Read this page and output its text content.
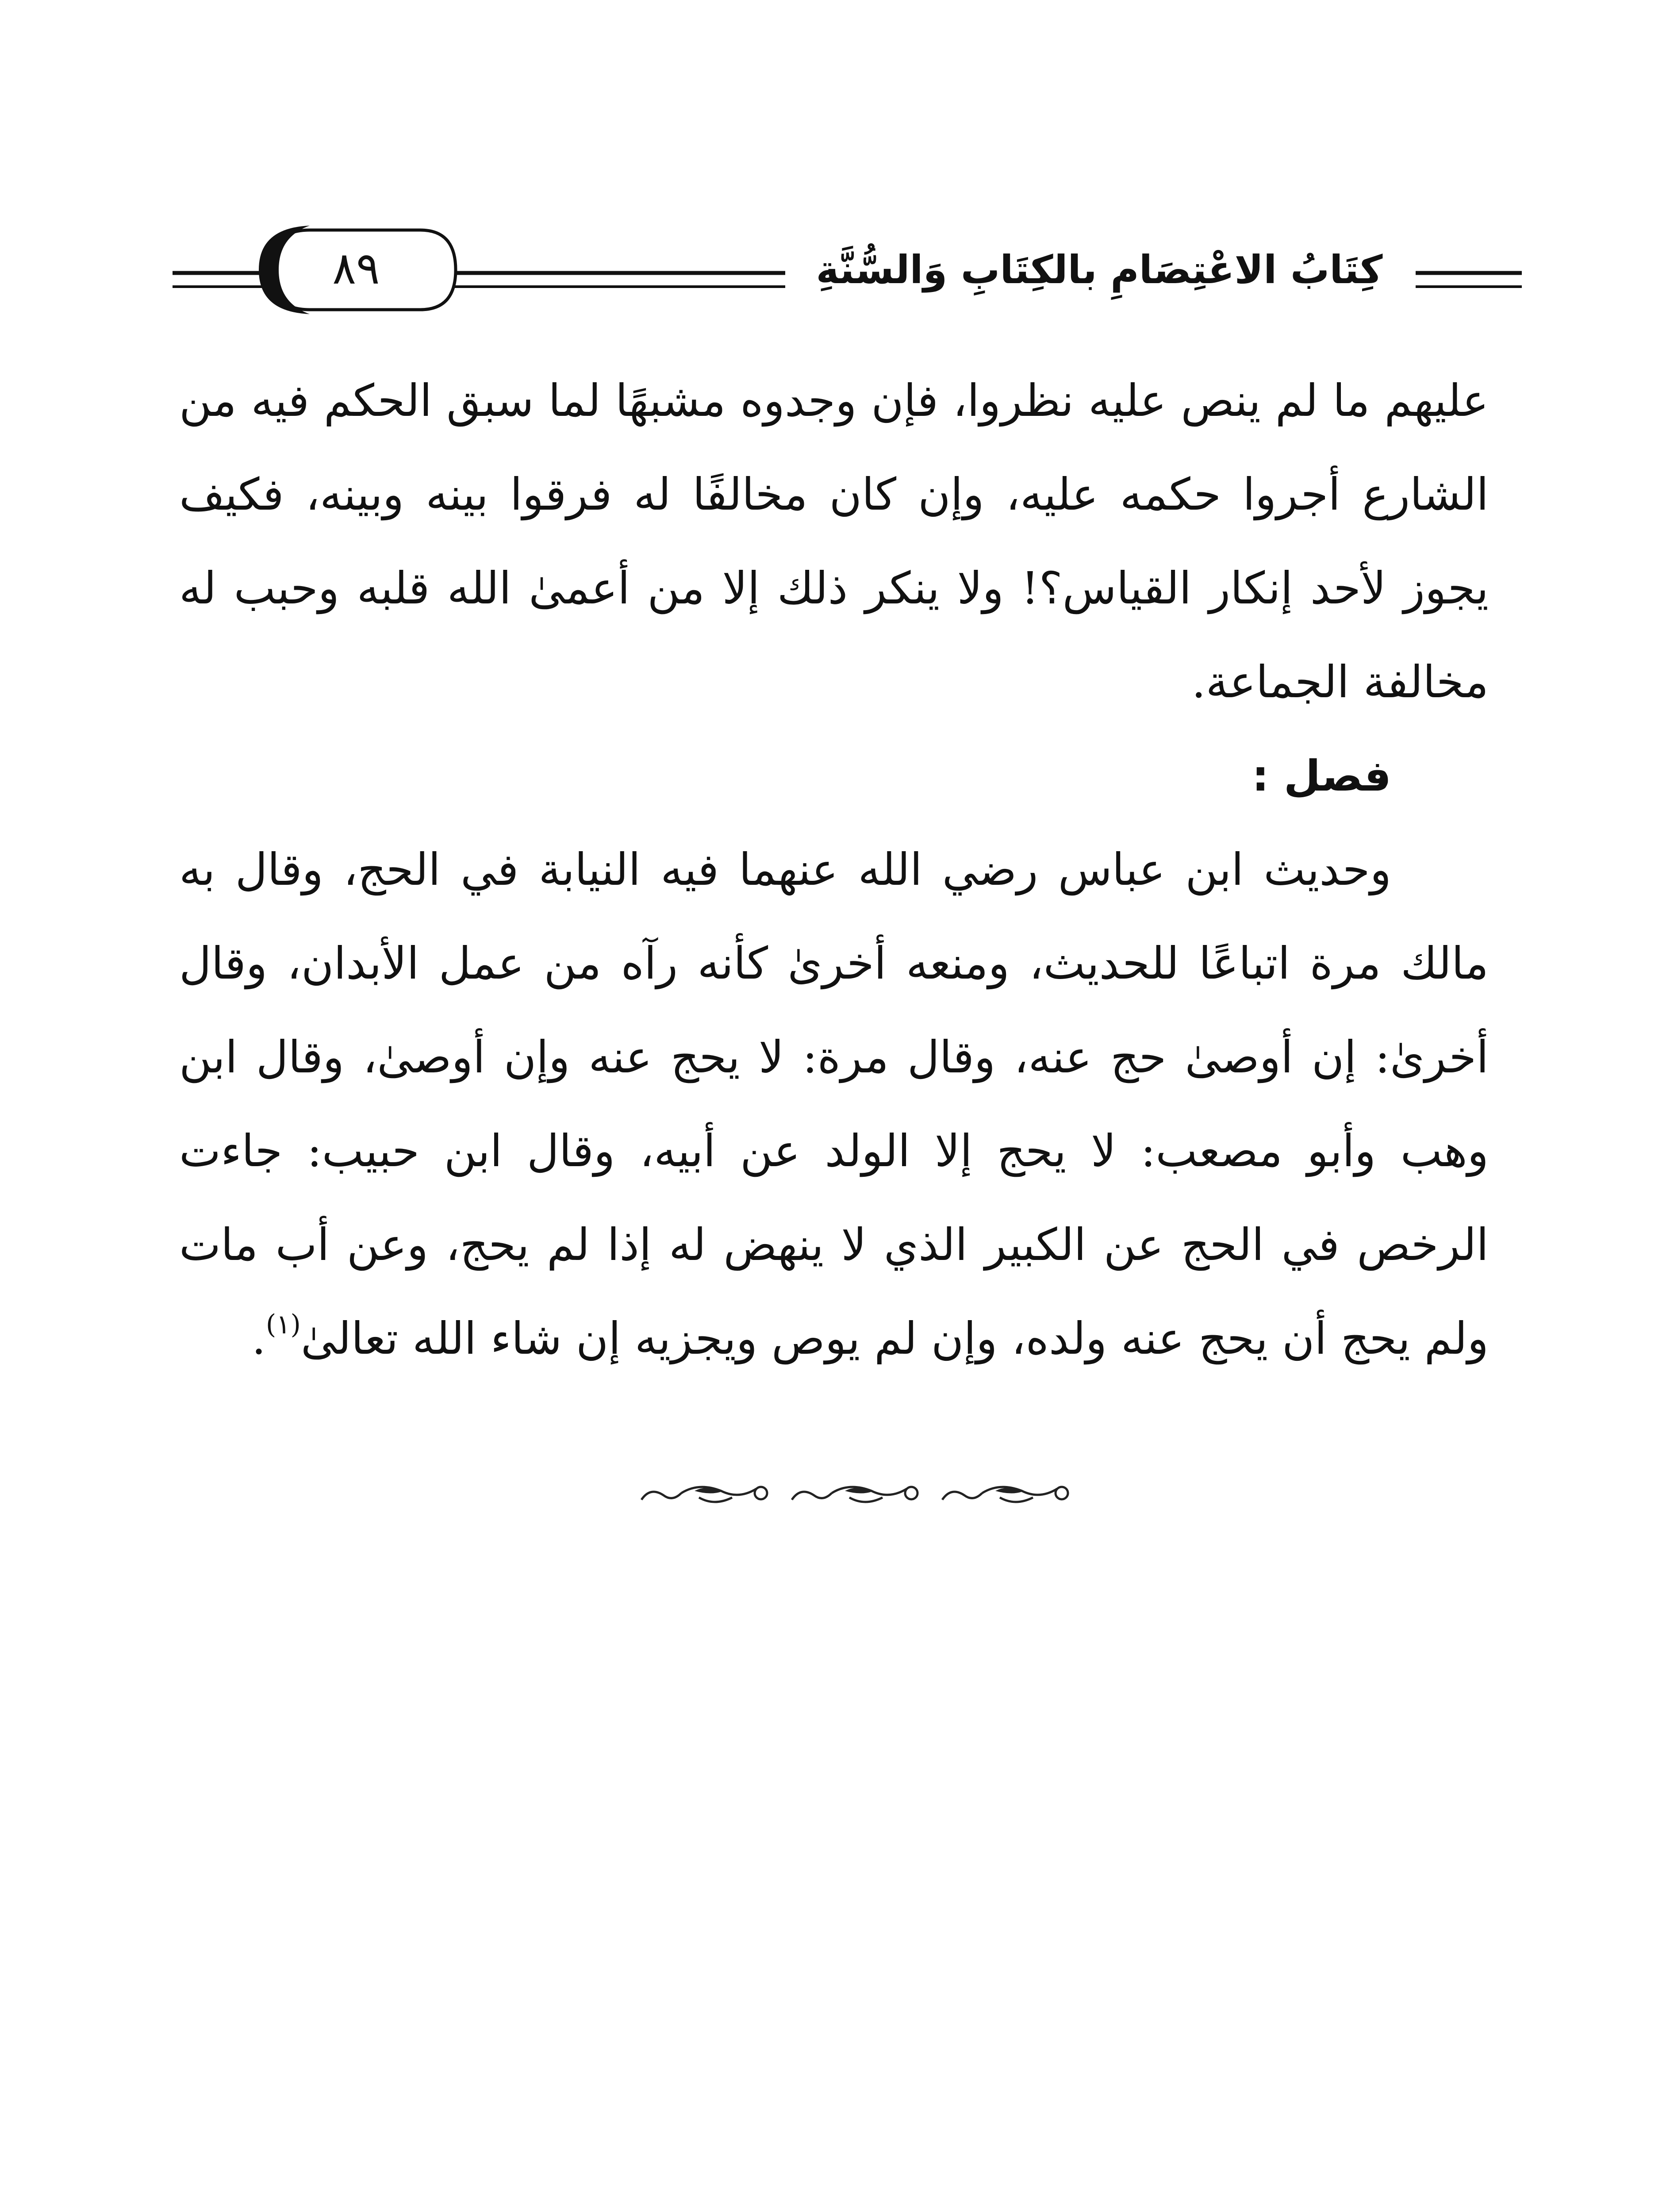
كِتَابُ الاعْتِصَامِ بالكِتَابِ وَالسُّنَّةِ
٨٩

عليهم ما لم ينص عليه نظروا، فإن وجدوه مشبهًا لما سبق الحكم فيه من الشارع أجروا حكمه عليه، وإن كان مخالفًا له فرقوا بينه وبينه، فكيف يجوز لأحد إنكار القياس؟! ولا ينكر ذلك إلا من أعمىٰ الله قلبه وحبب له مخالفة الجماعة.

فصل :

وحديث ابن عباس رضي الله عنهما فيه النيابة في الحج، وقال به مالك مرة اتباعًا للحديث، ومنعه أخرىٰ كأنه رآه من عمل الأبدان، وقال أخرىٰ: إن أوصىٰ حج عنه، وقال مرة: لا يحج عنه وإن أوصىٰ، وقال ابن وهب وأبو مصعب: لا يحج إلا الولد عن أبيه، وقال ابن حبيب: جاءت الرخص في الحج عن الكبير الذي لا ينهض له إذا لم يحج، وعن أب مات ولم يحج أن يحج عنه ولده، وإن لم يوص ويجزيه إن شاء الله تعالىٰ$^{(١)}$.
